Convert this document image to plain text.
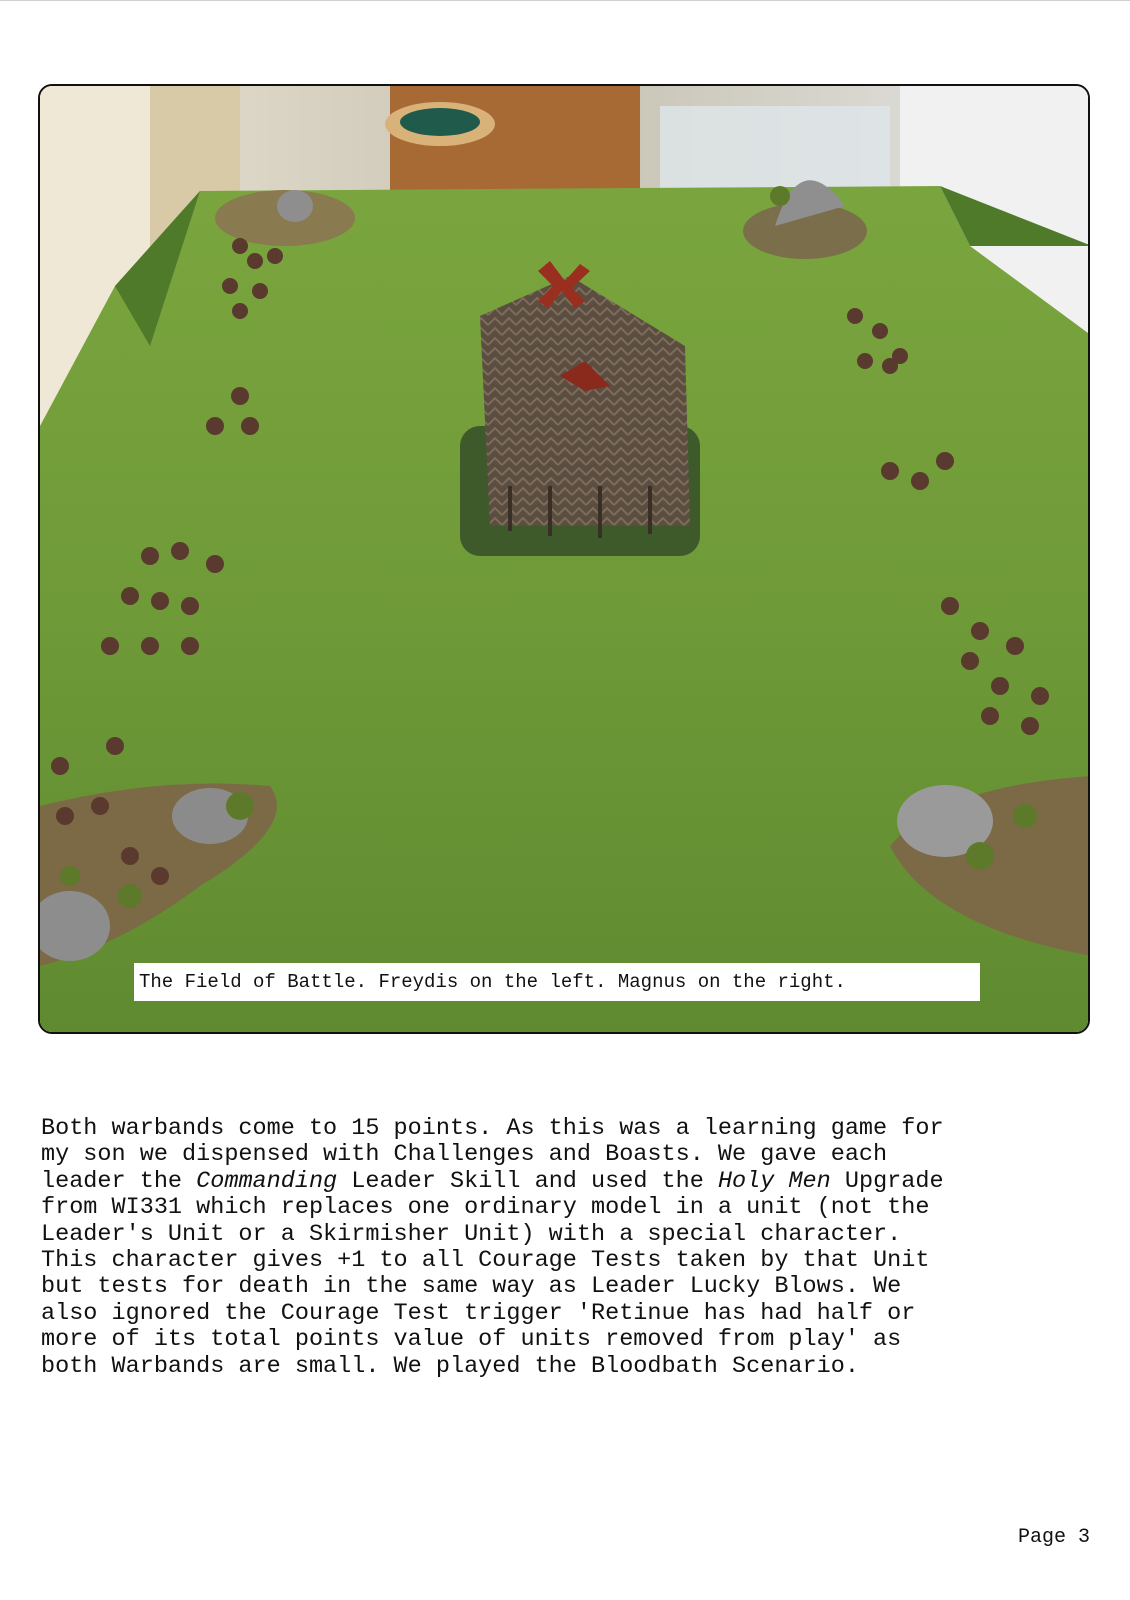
The Field of Battle. Freydis on the left. Magnus on the right.

Both warbands come to 15 points. As this was a learning game for
my son we dispensed with Challenges and Boasts. We gave each
leader the Commanding Leader Skill and used the Holy Men Upgrade
from WI331 which replaces one ordinary model in a unit (not the
Leader's Unit or a Skirmisher Unit) with a special character.
This character gives +1 to all Courage Tests taken by that Unit
but tests for death in the same way as Leader Lucky Blows. We
also ignored the Courage Test trigger 'Retinue has had half or
more of its total points value of units removed from play' as
both Warbands are small. We played the Bloodbath Scenario.

Page 3
